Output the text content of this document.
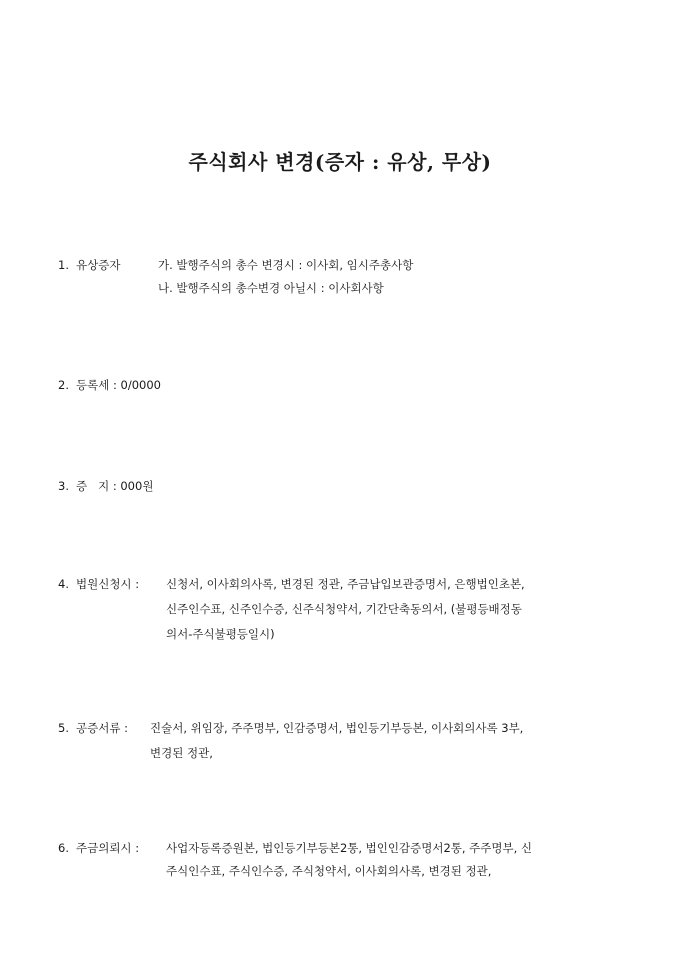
주식회사 변경(증자 : 유상, 무상)
1. 유상증자	가. 발행주식의 총수 변경시 : 이사회, 임시주총사항
나. 발행주식의 총수변경 아닐시 : 이사회사항
2. 등록세 : 0/0000
3. 증   지 : 000원
4. 법원신청시 : 신청서, 이사회의사록, 변경된 정관, 주금납입보관증명서, 은행법인초본,
신주인수표, 신주인수증, 신주식청약서, 기간단축동의서, (불평등배정동
의서-주식불평등일시)
5. 공증서류 : 진술서, 위임장, 주주명부, 인감증명서, 법인등기부등본, 이사회의사록 3부,
변경된 정관,
6. 주금의뢰시 : 사업자등록증원본, 법인등기부등본2통, 법인인감증명서2통, 주주명부, 신
주식인수표, 주식인수증, 주식청약서, 이사회의사록, 변경된 정관,
